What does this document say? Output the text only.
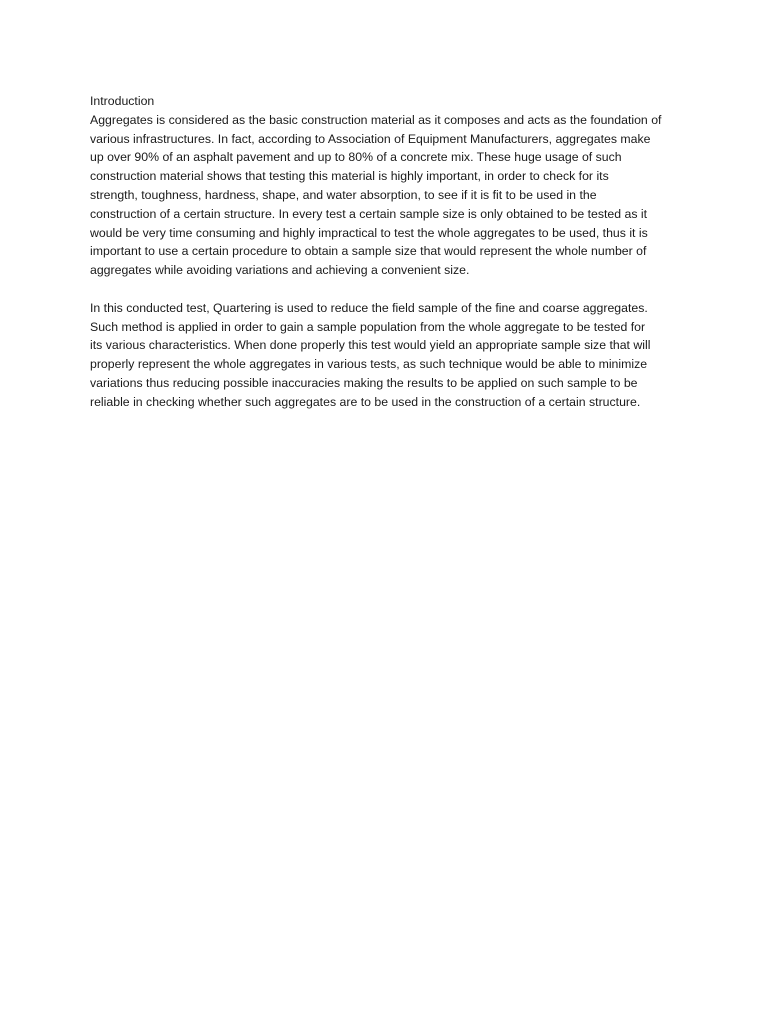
Introduction

Aggregates is considered as the basic construction material as it composes and acts as the foundation of
various infrastructures. In fact, according to Association of Equipment Manufacturers, aggregates make
up over 90% of an asphalt pavement and up to 80% of a concrete mix. These huge usage of such
construction material shows that testing this material is highly important, in order to check for its
strength, toughness, hardness, shape, and water absorption, to see if it is fit to be used in the
construction of a certain structure. In every test a certain sample size is only obtained to be tested as it
would be very time consuming and highly impractical to test the whole aggregates to be used, thus it is
important to use a certain procedure to obtain a sample size that would represent the whole number of
aggregates while avoiding variations and achieving a convenient size.

In this conducted test, Quartering is used to reduce the field sample of the fine and coarse aggregates.
Such method is applied in order to gain a sample population from the whole aggregate to be tested for
its various characteristics. When done properly this test would yield an appropriate sample size that will
properly represent the whole aggregates in various tests, as such technique would be able to minimize
variations thus reducing possible inaccuracies making the results to be applied on such sample to be
reliable in checking whether such aggregates are to be used in the construction of a certain structure.
